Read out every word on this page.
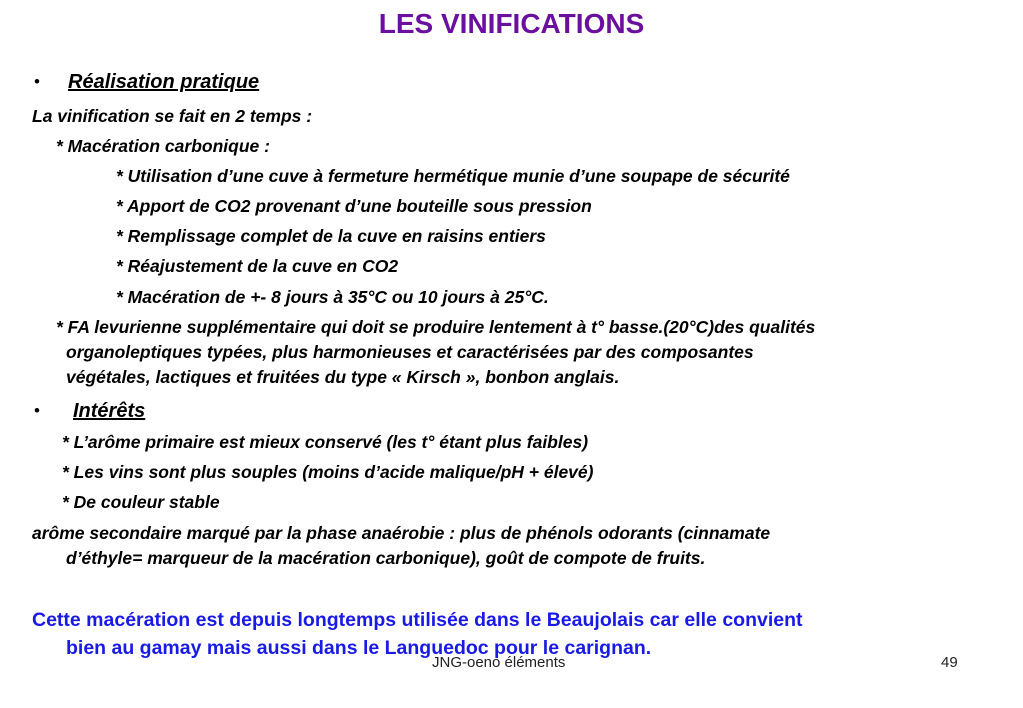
LES VINIFICATIONS
• Réalisation pratique
La vinification se fait en 2 temps :
* Macération carbonique :
* Utilisation d’une cuve à fermeture hermétique munie d’une soupape de sécurité
* Apport de CO2 provenant d’une bouteille sous pression
* Remplissage complet de la cuve en raisins entiers
* Réajustement de la cuve en CO2
* Macération de +- 8 jours à 35°C ou 10 jours à 25°C.
* FA levurienne supplémentaire qui doit se produire lentement à t° basse.(20°C)des qualités
organoleptiques typées, plus harmonieuses et caractérisées par des composantes
végétales, lactiques et fruitées du type « Kirsch », bonbon anglais.
• Intérêts
* L’arôme primaire est mieux conservé (les t° étant plus faibles)
* Les vins sont plus souples (moins d’acide malique/pH + élevé)
* De couleur stable
arôme secondaire marqué par la phase anaérobie : plus de phénols odorants (cinnamate
d’éthyle= marqueur de la macération carbonique), goût de compote de fruits.
Cette macération est depuis longtemps utilisée dans le Beaujolais car elle convient
bien au gamay mais aussi dans le Languedoc pour le carignan.
JNG-oeno éléments	49
